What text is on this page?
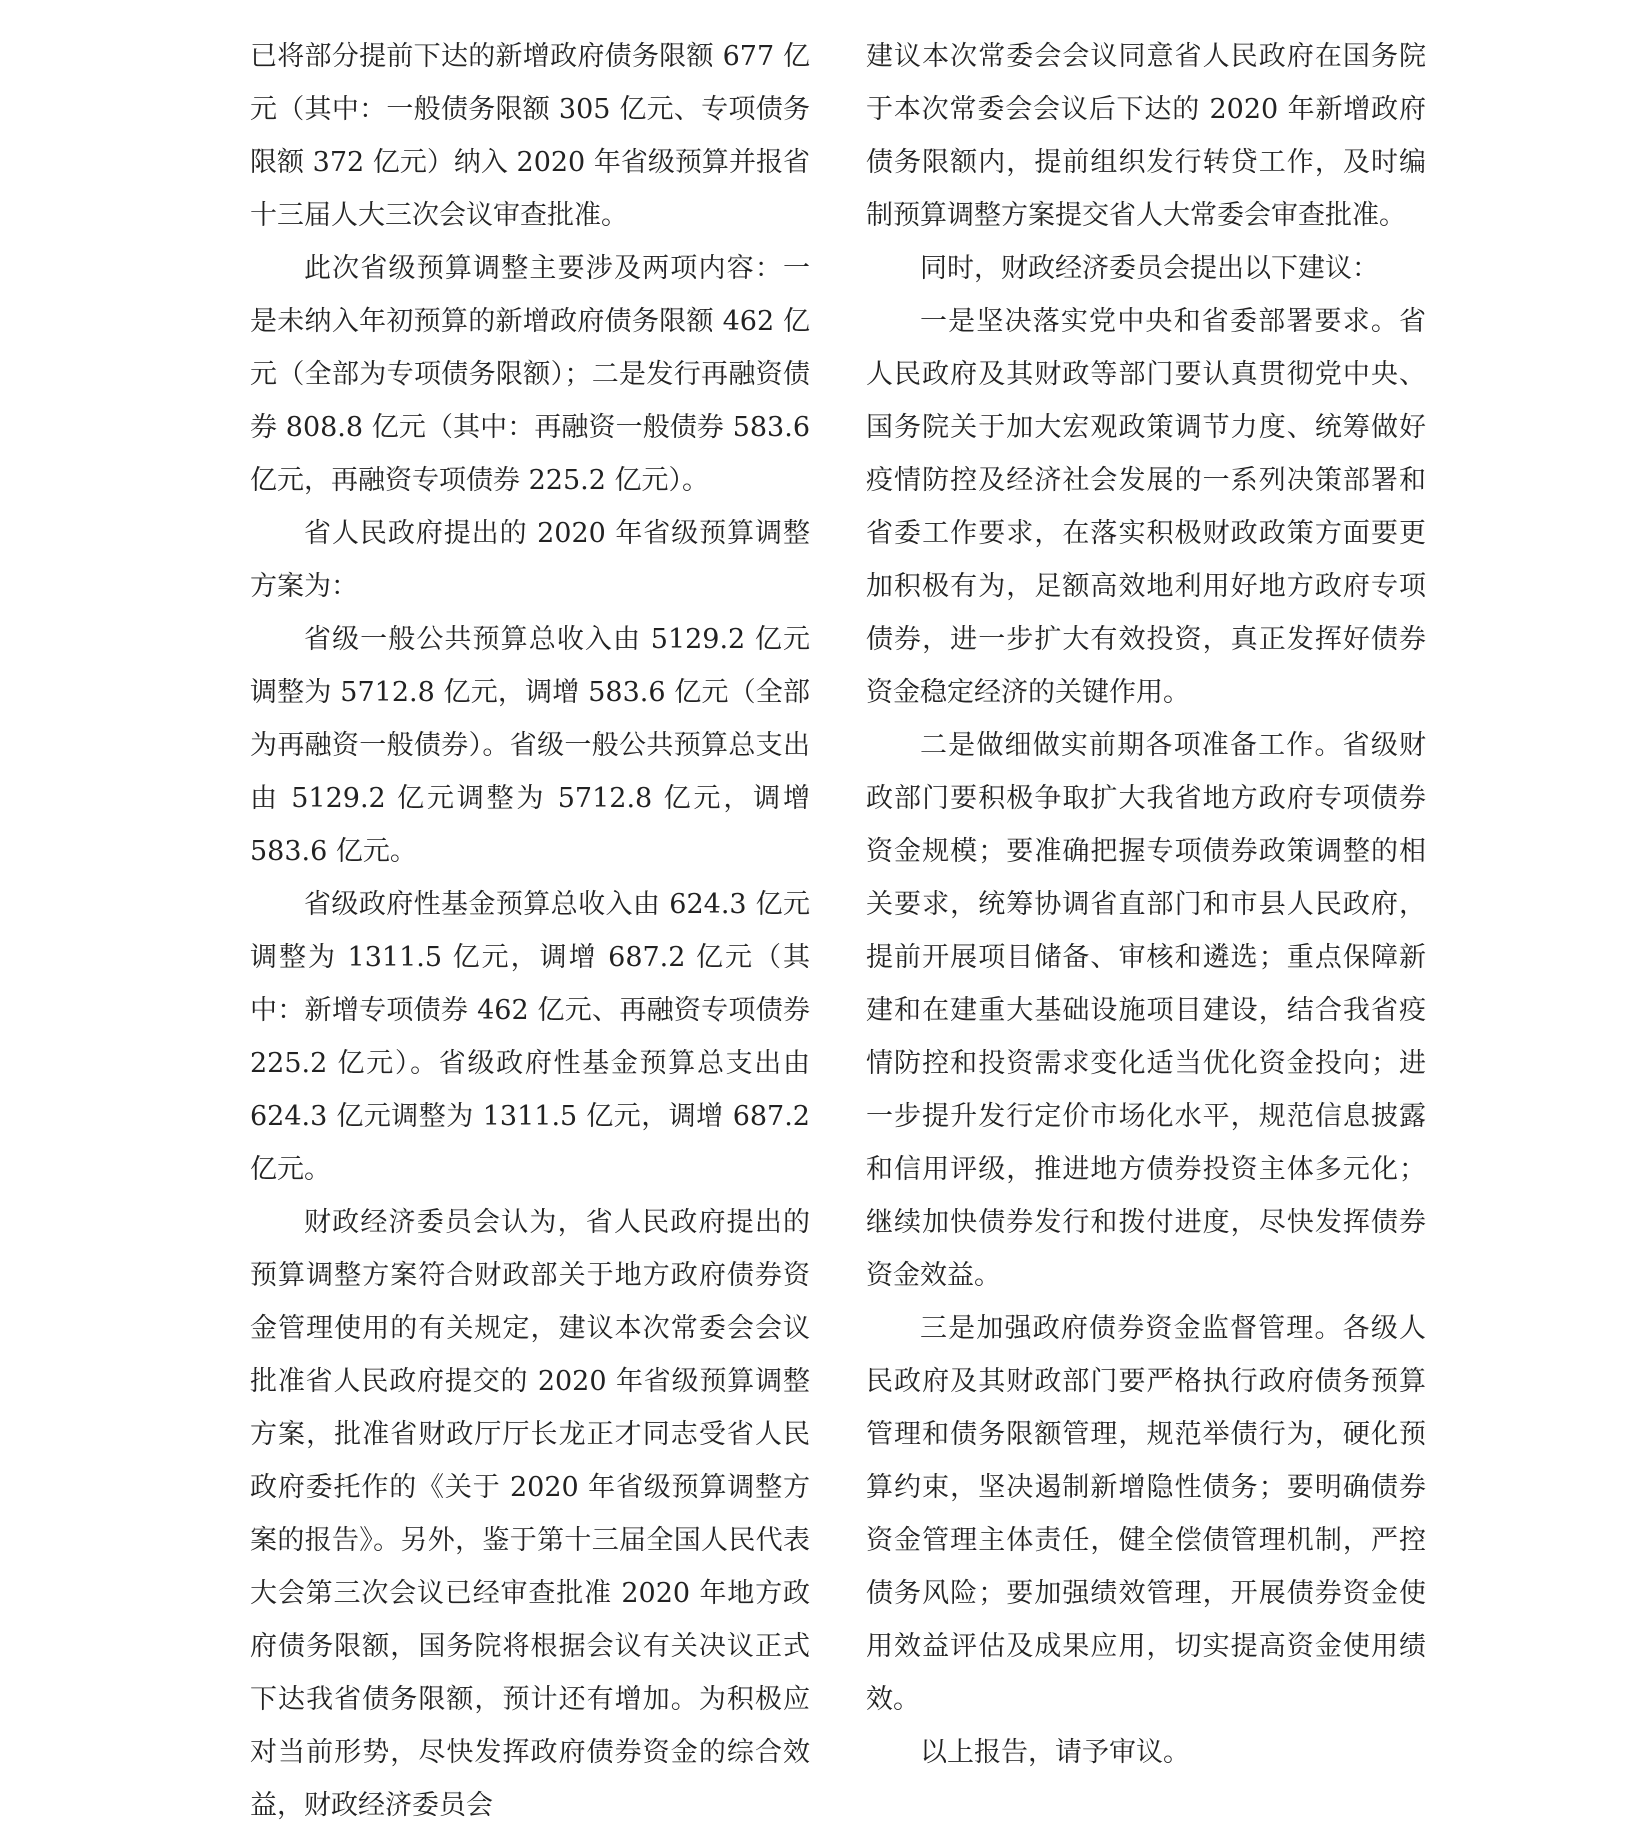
已将部分提前下达的新增政府债务限额 677 亿元（其中：一般债务限额 305 亿元、专项债务限额 372 亿元）纳入 2020 年省级预算并报省十三届人大三次会议审查批准。

此次省级预算调整主要涉及两项内容：一是未纳入年初预算的新增政府债务限额 462 亿元（全部为专项债务限额）；二是发行再融资债券 808.8 亿元（其中：再融资一般债券 583.6 亿元，再融资专项债券 225.2 亿元）。

省人民政府提出的 2020 年省级预算调整方案为：

省级一般公共预算总收入由 5129.2 亿元调整为 5712.8 亿元，调增 583.6 亿元（全部为再融资一般债券）。省级一般公共预算总支出由 5129.2 亿元调整为 5712.8 亿元，调增 583.6 亿元。

省级政府性基金预算总收入由 624.3 亿元调整为 1311.5 亿元，调增 687.2 亿元（其中：新增专项债券 462 亿元、再融资专项债券 225.2 亿元）。省级政府性基金预算总支出由 624.3 亿元调整为 1311.5 亿元，调增 687.2 亿元。

财政经济委员会认为，省人民政府提出的预算调整方案符合财政部关于地方政府债券资金管理使用的有关规定，建议本次常委会会议批准省人民政府提交的 2020 年省级预算调整方案，批准省财政厅厅长龙正才同志受省人民政府委托作的《关于 2020 年省级预算调整方案的报告》。另外，鉴于第十三届全国人民代表大会第三次会议已经审查批准 2020 年地方政府债务限额，国务院将根据会议有关决议正式下达我省债务限额，预计还有增加。为积极应对当前形势，尽快发挥政府债券资金的综合效益，财政经济委员会

建议本次常委会会议同意省人民政府在国务院于本次常委会会议后下达的 2020 年新增政府债务限额内，提前组织发行转贷工作，及时编制预算调整方案提交省人大常委会审查批准。

同时，财政经济委员会提出以下建议：

一是坚决落实党中央和省委部署要求。省人民政府及其财政等部门要认真贯彻党中央、国务院关于加大宏观政策调节力度、统筹做好疫情防控及经济社会发展的一系列决策部署和省委工作要求，在落实积极财政政策方面要更加积极有为，足额高效地利用好地方政府专项债券，进一步扩大有效投资，真正发挥好债券资金稳定经济的关键作用。

二是做细做实前期各项准备工作。省级财政部门要积极争取扩大我省地方政府专项债券资金规模；要准确把握专项债券政策调整的相关要求，统筹协调省直部门和市县人民政府，提前开展项目储备、审核和遴选；重点保障新建和在建重大基础设施项目建设，结合我省疫情防控和投资需求变化适当优化资金投向；进一步提升发行定价市场化水平，规范信息披露和信用评级，推进地方债券投资主体多元化；继续加快债券发行和拨付进度，尽快发挥债券资金效益。

三是加强政府债券资金监督管理。各级人民政府及其财政部门要严格执行政府债务预算管理和债务限额管理，规范举债行为，硬化预算约束，坚决遏制新增隐性债务；要明确债券资金管理主体责任，健全偿债管理机制，严控债务风险；要加强绩效管理，开展债券资金使用效益评估及成果应用，切实提高资金使用绩效。

以上报告，请予审议。
